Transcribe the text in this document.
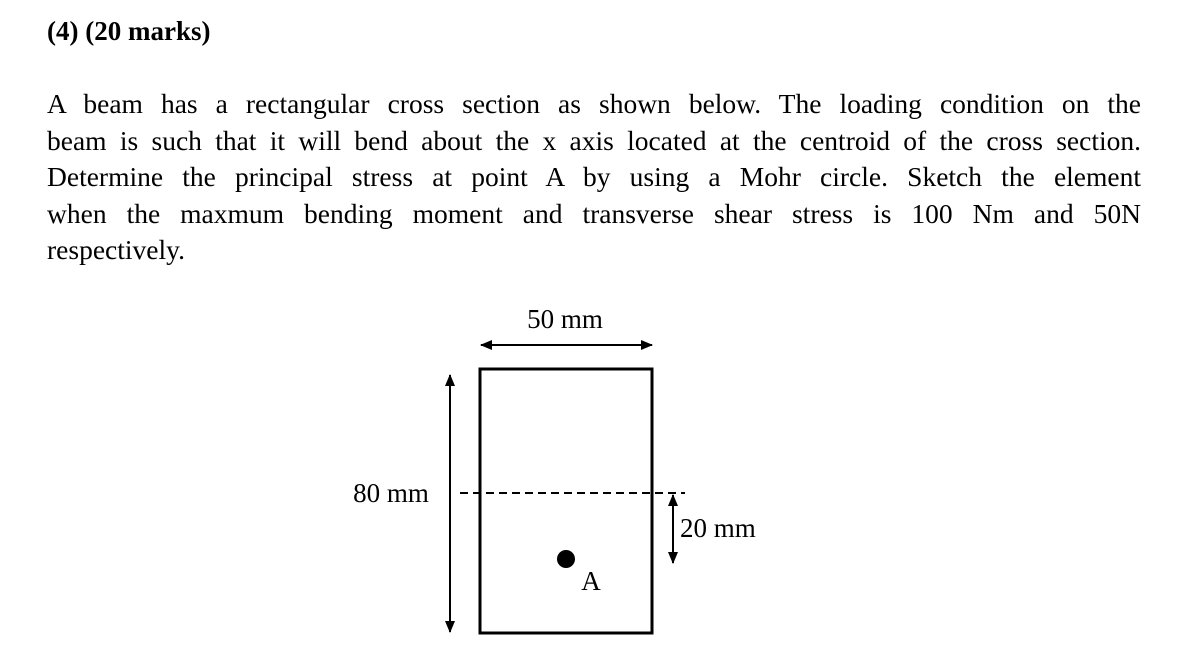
(4) (20 marks)
A beam has a rectangular cross section as shown below. The loading condition on the
beam is such that it will bend about the x axis located at the centroid of the cross section.
Determine the principal stress at point A by using a Mohr circle. Sketch the element
when the maxmum bending moment and transverse shear stress is 100 Nm and 50N
respectively.
50 mm
80 mm
20 mm
A
